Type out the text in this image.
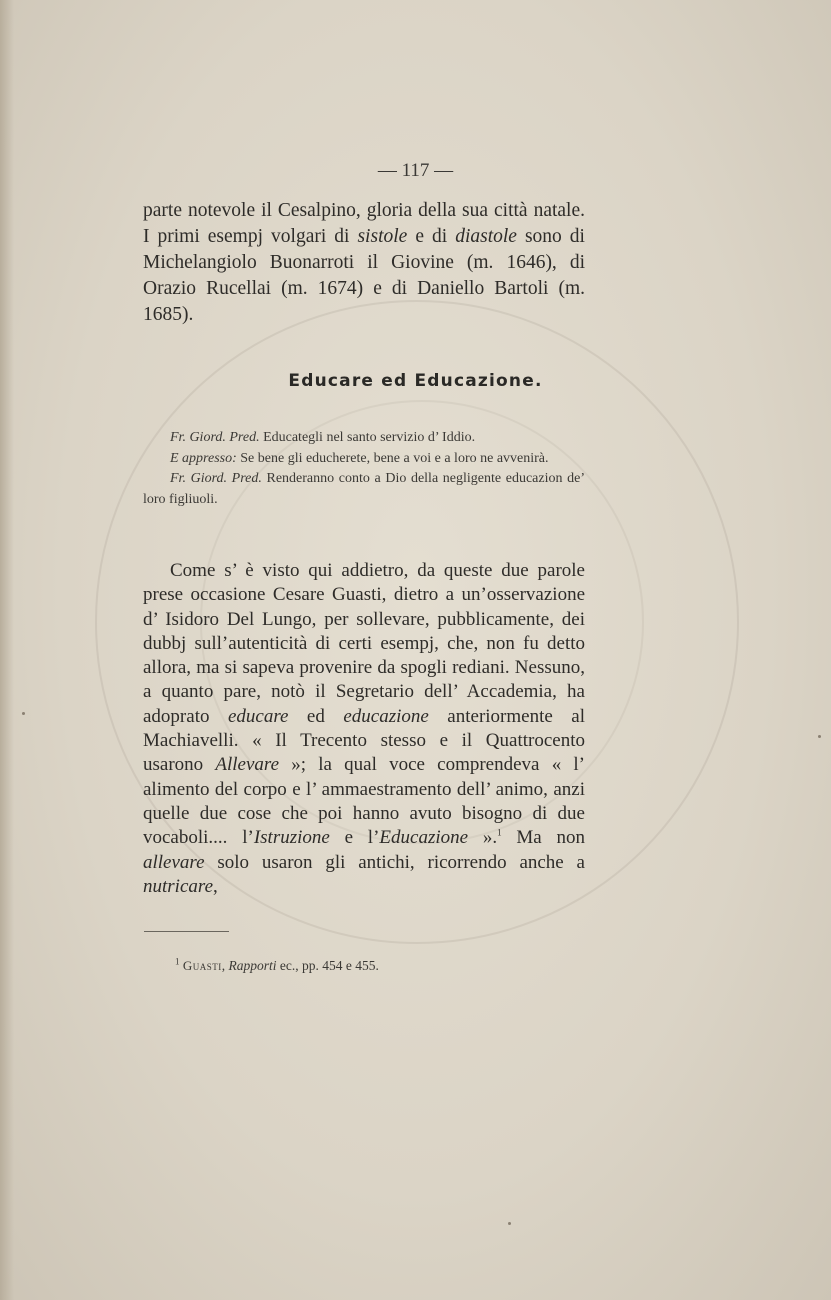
— 117 —

parte notevole il Cesalpino, gloria della sua città natale. I primi esempj volgari di sistole e di diastole sono di Michelangiolo Buonarroti il Giovine (m. 1646), di Orazio Rucellai (m. 1674) e di Daniello Bartoli (m. 1685).

Educare ed Educazione.

Fr. Giord. Pred. Educategli nel santo servizio d’ Iddio.

E appresso: Se bene gli educherete, bene a voi e a loro ne avvenirà.

Fr. Giord. Pred. Renderanno conto a Dio della negligente educazion de’ loro figliuoli.

Come s’ è visto qui addietro, da queste due parole prese occasione Cesare Guasti, dietro a un’osservazione d’ Isidoro Del Lungo, per sollevare, pubblicamente, dei dubbj sull’autenticità di certi esempj, che, non fu detto allora, ma si sapeva provenire da spogli rediani. Nessuno, a quanto pare, notò il Segretario dell’ Accademia, ha adoprato educare ed educazione anteriormente al Machiavelli. « Il Trecento stesso e il Quattrocento usarono Allevare »; la qual voce comprendeva « l’ alimento del corpo e l’ ammaestramento dell’ animo, anzi quelle due cose che poi hanno avuto bisogno di due vocaboli.... l’Istruzione e l’Educazione ».$^1$ Ma non allevare solo usaron gli antichi, ricorrendo anche a nutricare,

$^1$ Guasti, Rapporti ec., pp. 454 e 455.
